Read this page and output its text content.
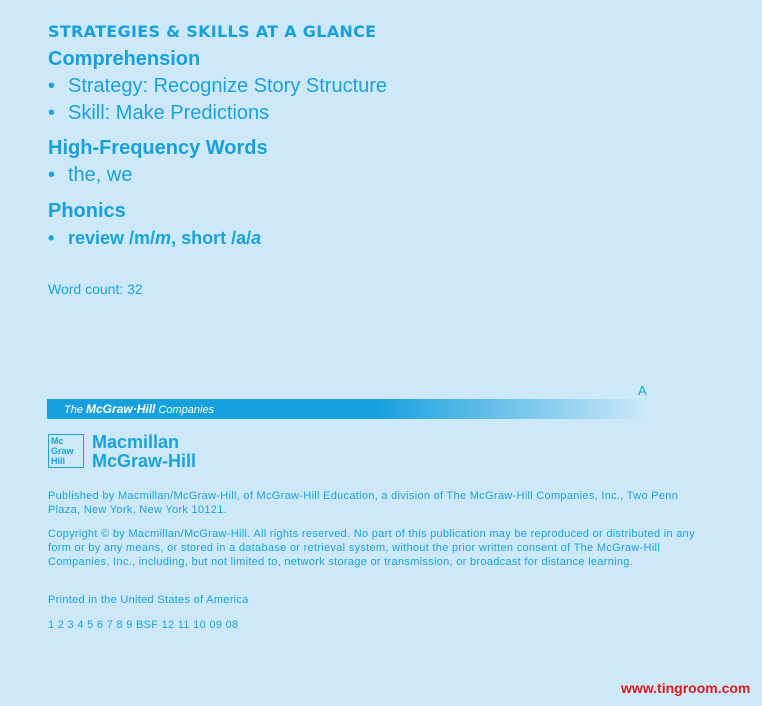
STRATEGIES & SKILLS AT A GLANCE
Comprehension
• Strategy: Recognize Story Structure
• Skill: Make Predictions
High-Frequency Words
• the, we
Phonics
• review /m/m, short /a/a
Word count: 32
A
The McGraw·Hill Companies
Mc
Graw
Hill
Macmillan
McGraw-Hill
Published by Macmillan/McGraw-Hill, of McGraw-Hill Education, a division of The McGraw-Hill Companies, Inc., Two Penn Plaza, New York, New York 10121.
Copyright © by Macmillan/McGraw-Hill. All rights reserved. No part of this publication may be reproduced or distributed in any form or by any means, or stored in a database or retrieval system, without the prior written consent of The McGraw-Hill Companies, Inc., including, but not limited to, network storage or transmission, or broadcast for distance learning.
Printed in the United States of America
1 2 3 4 5 6 7 8 9 BSF 12 11 10 09 08
www.tingroom.com
